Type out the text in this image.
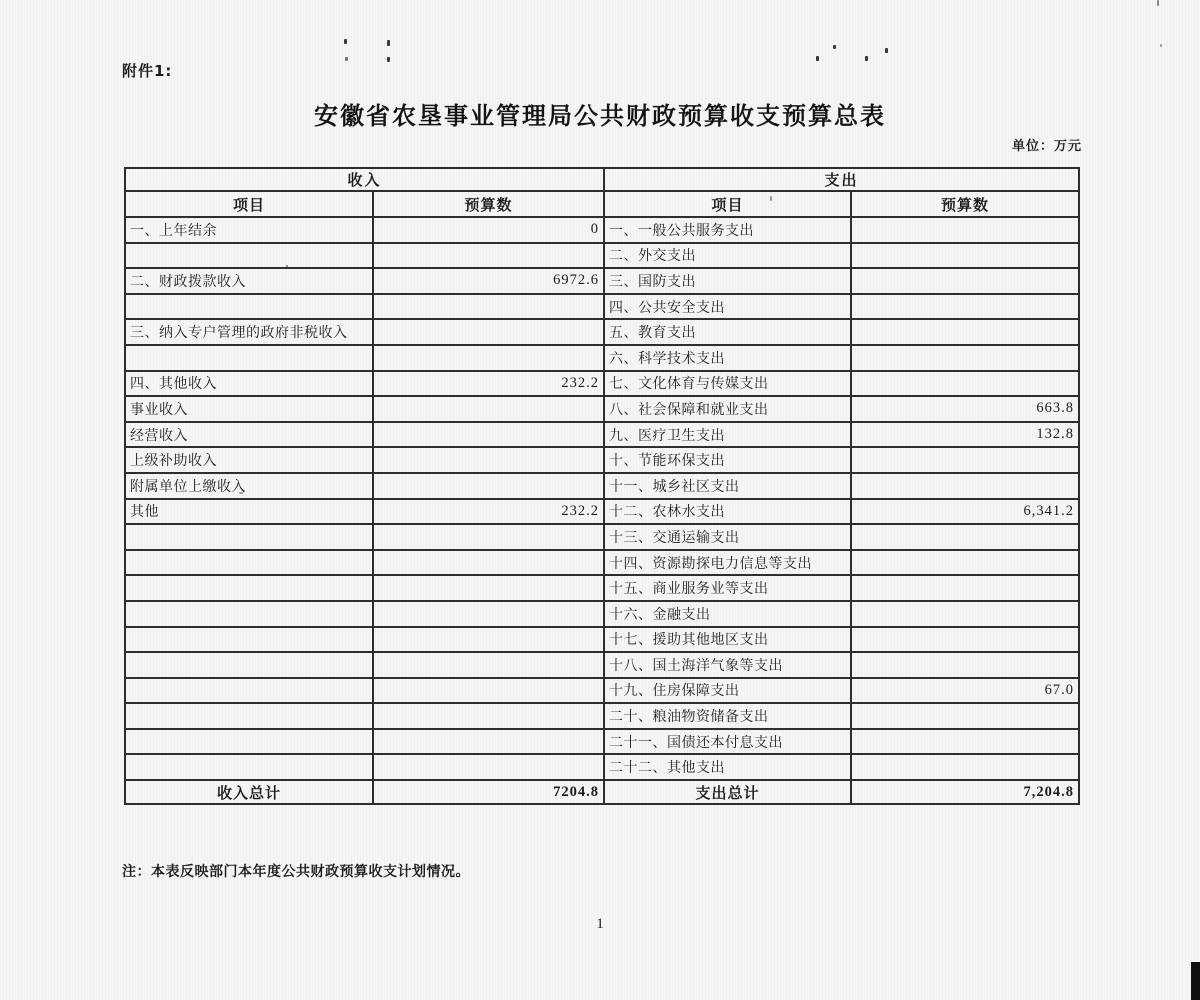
附件1:
安徽省农垦事业管理局公共财政预算收支预算总表
单位：万元
收入		支出	
项目	预算数	项目	预算数
一、上年结余	0	一、一般公共服务支出	
		二、外交支出	
二、财政拨款收入	6972.6	三、国防支出	
		四、公共安全支出	
三、纳入专户管理的政府非税收入		五、教育支出	
		六、科学技术支出	
四、其他收入	232.2	七、文化体育与传媒支出	
事业收入		八、社会保障和就业支出	663.8
经营收入		九、医疗卫生支出	132.8
上级补助收入		十、节能环保支出	
附属单位上缴收入		十一、城乡社区支出	
其他	232.2	十二、农林水支出	6,341.2
		十三、交通运输支出	
		十四、资源勘探电力信息等支出	
		十五、商业服务业等支出	
		十六、金融支出	
		十七、援助其他地区支出	
		十八、国土海洋气象等支出	
		十九、住房保障支出	67.0
		二十、粮油物资储备支出	
		二十一、国债还本付息支出	
		二十二、其他支出	
收入总计	7204.8	支出总计	7,204.8
注：本表反映部门本年度公共财政预算收支计划情况。
1
